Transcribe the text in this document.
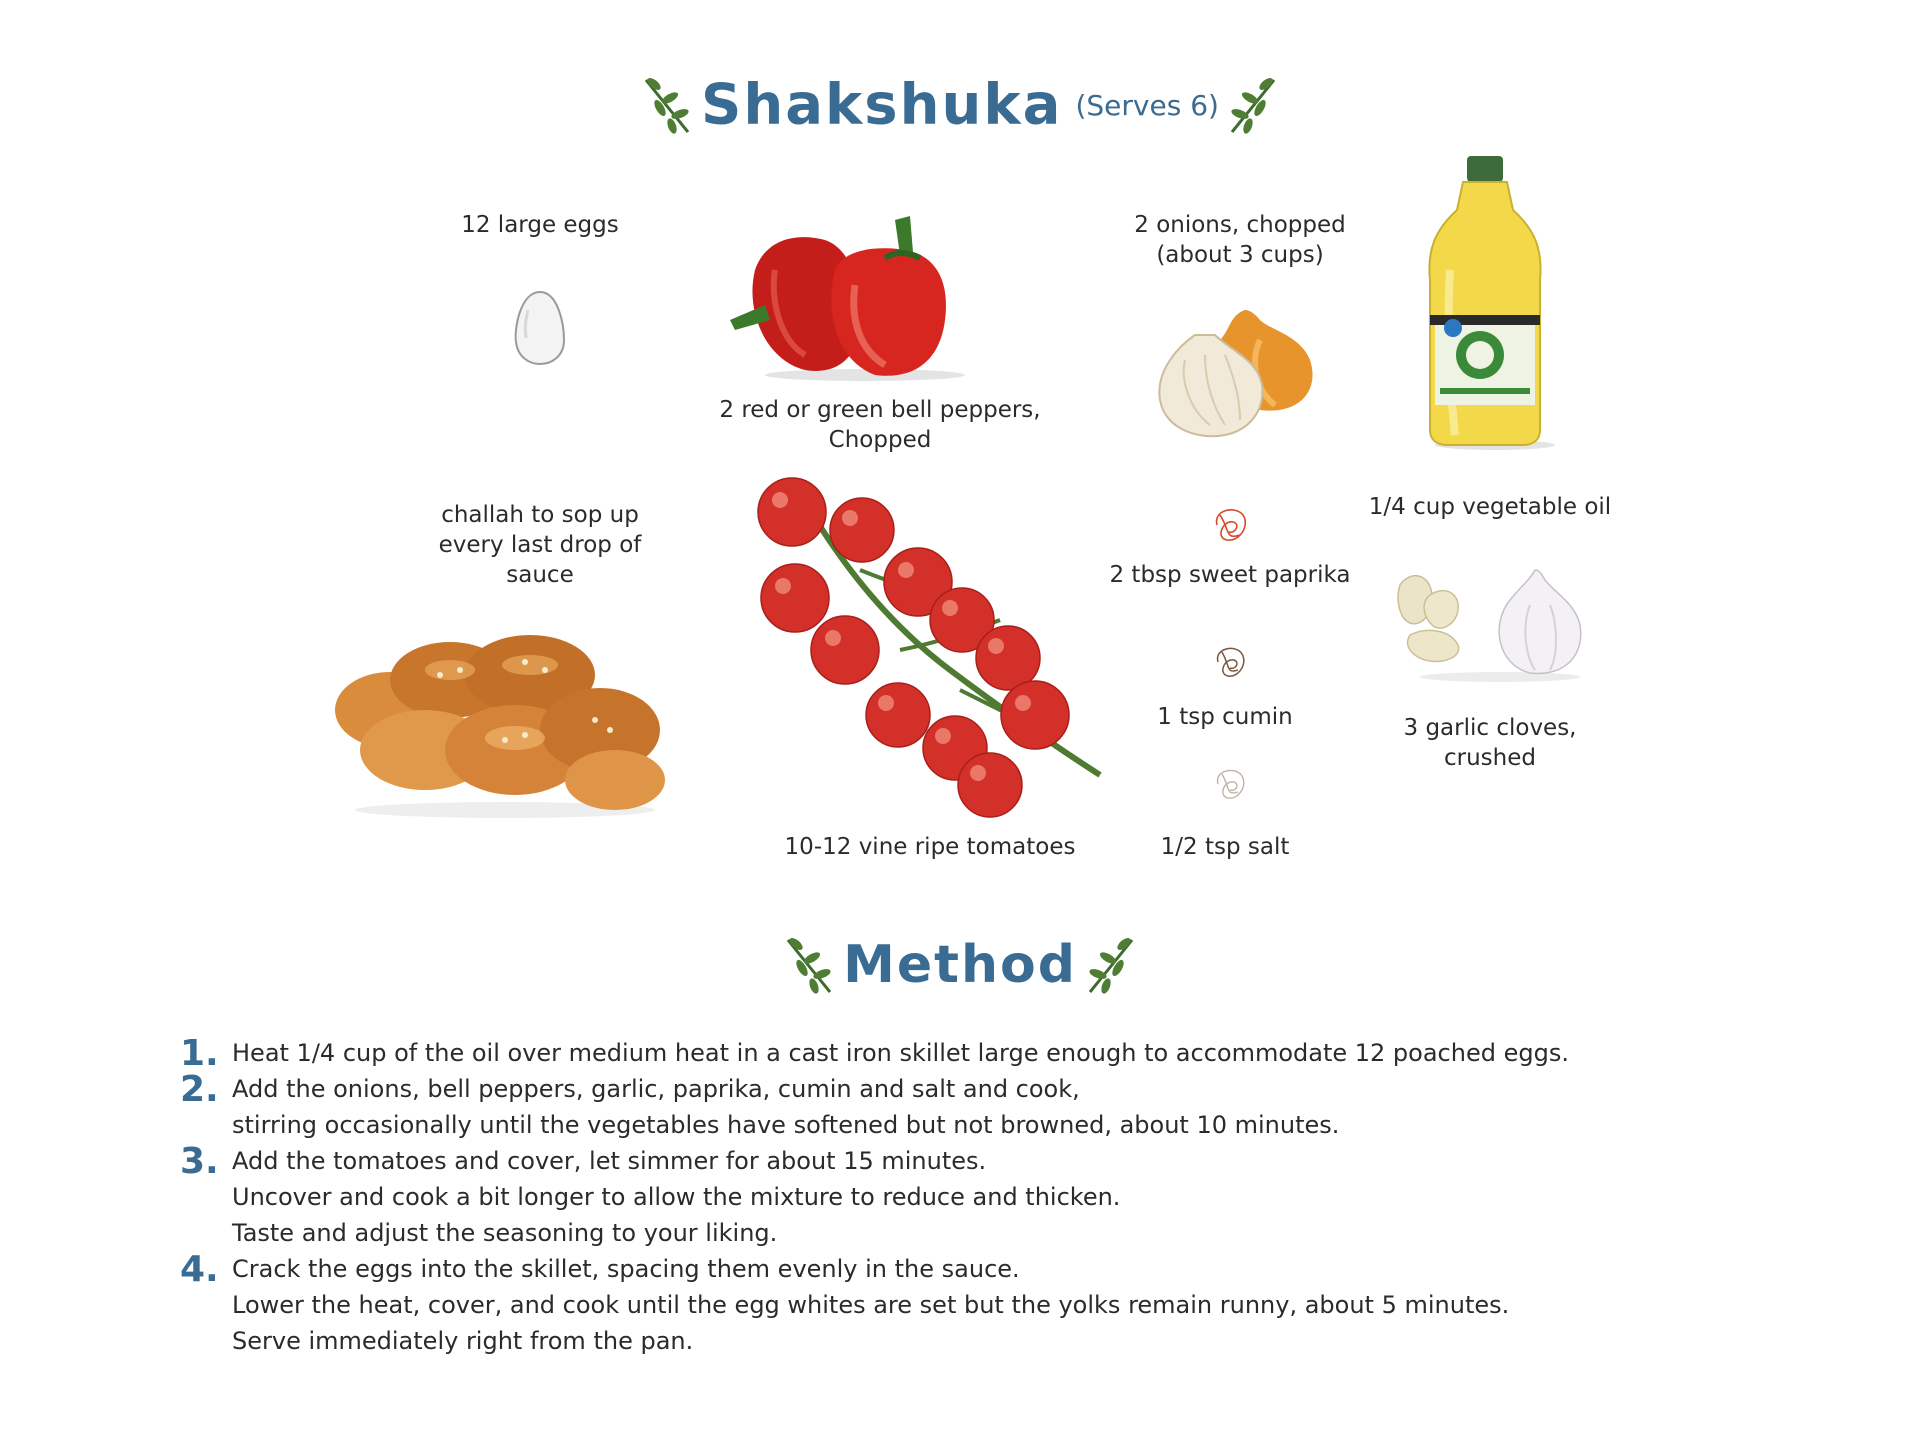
Shakshuka (Serves 6)
12 large eggs
2 red or green bell peppers,
Chopped
2 onions, chopped
(about 3 cups)
1/4 cup vegetable oil
challah to sop up
every last drop of
sauce
10-12 vine ripe tomatoes
2 tbsp sweet paprika
1 tsp cumin
1/2 tsp salt
3 garlic cloves,
crushed
Method
1. Heat 1/4 cup of the oil over medium heat in a cast iron skillet large enough to accommodate 12 poached eggs.
2. Add the onions, bell peppers, garlic, paprika, cumin and salt and cook,
stirring occasionally until the vegetables have softened but not browned, about 10 minutes.
3. Add the tomatoes and cover, let simmer for about 15 minutes.
Uncover and cook a bit longer to allow the mixture to reduce and thicken.
Taste and adjust the seasoning to your liking.
4. Crack the eggs into the skillet, spacing them evenly in the sauce.
Lower the heat, cover, and cook until the egg whites are set but the yolks remain runny, about 5 minutes.
Serve immediately right from the pan.
